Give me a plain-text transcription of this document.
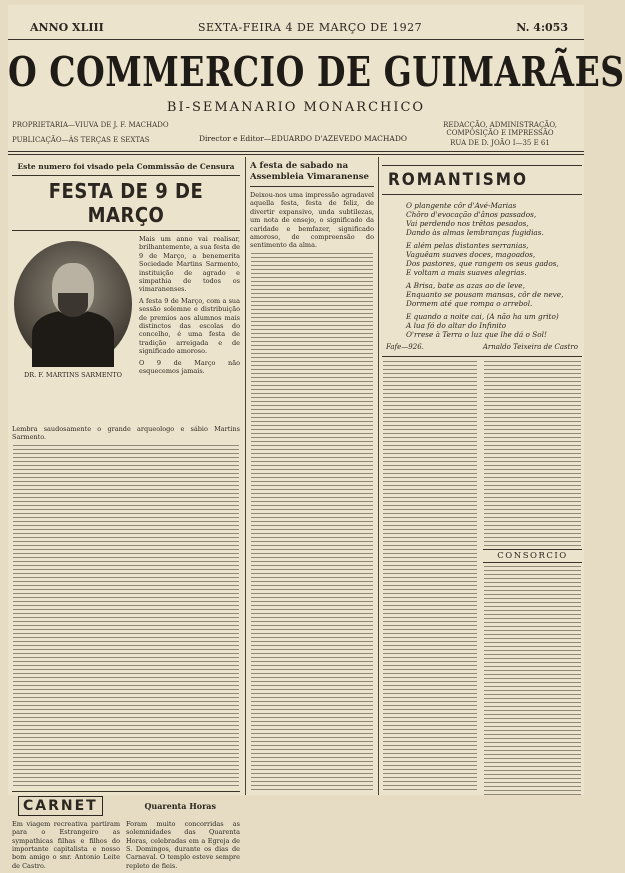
ANNO XLIII	SEXTA-FEIRA 4 DE MARÇO DE 1927	N. 4:053
O COMMERCIO DE GUIMARÃES
BI-SEMANARIO MONARCHICO
PROPRIETARIA—VIUVA DE J. F. MACHADO
PUBLICAÇÃO—ÀS TERÇAS E SEXTAS	Director e Editor—EDUARDO D'AZEVEDO MACHADO
REDACÇÃO, ADMINISTRAÇÃO, COMPOSIÇÃO E IMPRESSÃO
RUA DE D. JOÃO I—35 E 61
Este numero foi visado pela Commissão de Censura
FESTA DE 9 DE MARÇO
DR. F. MARTINS SARMENTO

Mais um anno vai realisar, brilhantemente, a sua festa de 9 de Março, a benemerita Sociedade Martins Sarmento, instituição de agrado e simpathia de todos os vimaranenses.

A festa 9 de Março, com a sua sessão solemne e distribuição de premios aos alumnos mais distinctos das escolas do concelho, é uma festa de tradição arreigada e de significado amoroso.

O 9 de Março não esquecemos jamais.

Lembra saudosamente o grande arqueologo e sábio Martins Sarmento.

CARNET	Quarenta Horas

Em viagem recreativa partiram para o Estrangeiro as sympathicas filhas e filhos do importante capitalista e nosso bom amigo o snr. Antonio Leite de Castro.

Foram muito concorridas as solemnidades das Quarenta Horas, celebradas em a Egreja de S. Domingos, durante os dias de Carnaval. O templo esteve sempre repleto de fieis.

A festa de sabado na Assembleia Vimaranense

Deixou-nos uma impressão agradavel aquella festa, festa de feliz, de divertir expansivo, unda subtilezas, um nota de ensejo, o significado da caridade e bemfazer, significado amoroso, de compreensão do sentimento da alma.

ROMANTISMO
O plangente côr d'Avé-Marias
Chôro d'evocação d'ânos passados,
Vai perdendo nos trêtos pesados,
Dando às almas lembranças fugidias.

E além pelas distantes serranias,
Vaguêam suaves doces, magoados,
Dos pastores, que rangem os seus gados,
E voltam a mais suaves alegrias.

A Brisa, bate as azas ao de leve,
Enquanto se pousam mansas, côr de neve,
Dormem até que rompa o arrebol.

E quando a noite cai, (A não ha um grito)
A lua fó do altar do Infinito
O'rrese à Terra o luz que lhe dá o Sol!
Fafe—926.	Arnaldo Teixeira de Castro
CONSORCIO
